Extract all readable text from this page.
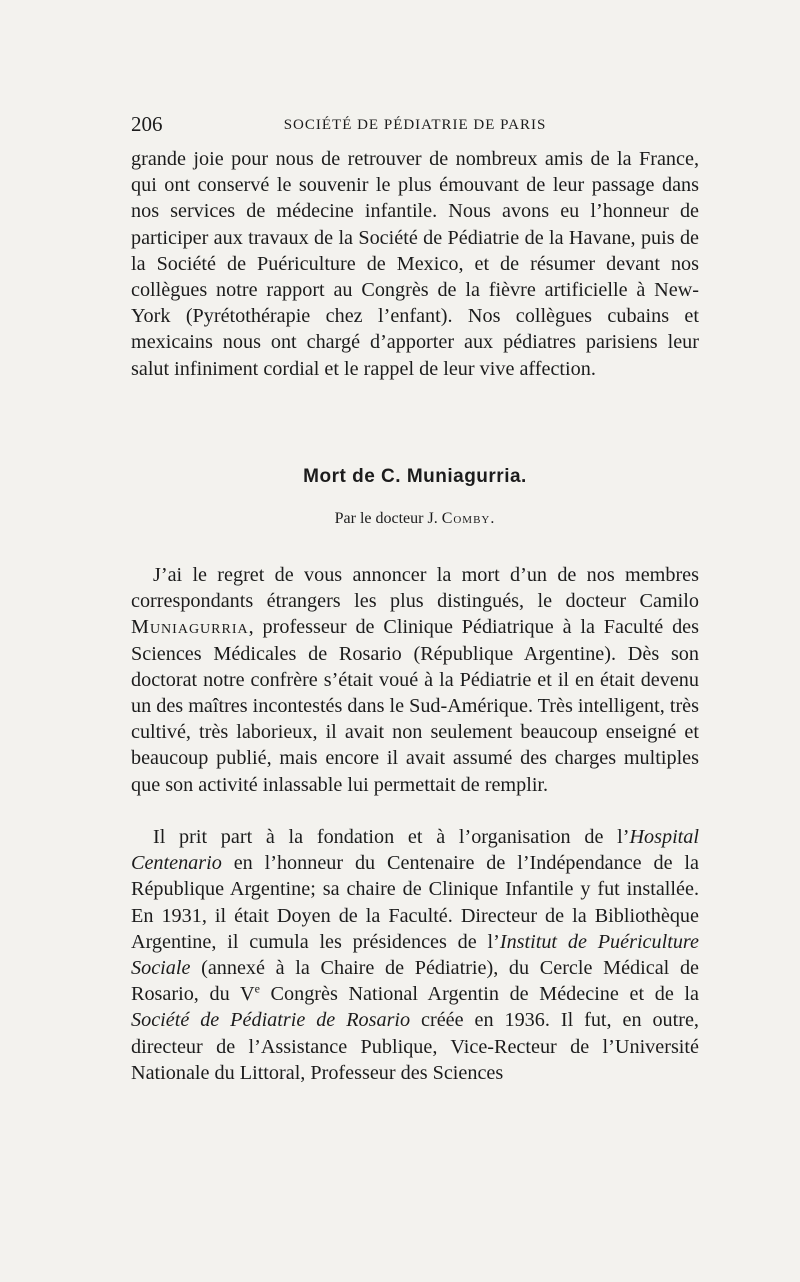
206	SOCIÉTÉ DE PÉDIATRIE DE PARIS

grande joie pour nous de retrouver de nombreux amis de la France, qui ont conservé le souvenir le plus émouvant de leur passage dans nos services de médecine infantile. Nous avons eu l’honneur de participer aux travaux de la Société de Pédiatrie de la Havane, puis de la Société de Puériculture de Mexico, et de résumer devant nos collègues notre rapport au Congrès de la fièvre artificielle à New-York (Pyrétothérapie chez l’enfant). Nos collègues cubains et mexicains nous ont chargé d’apporter aux pédiatres parisiens leur salut infiniment cordial et le rappel de leur vive affection.

Mort de C. Muniagurria.
Par le docteur J. Comby.

J’ai le regret de vous annoncer la mort d’un de nos membres correspondants étrangers les plus distingués, le docteur Camilo Muniagurria, professeur de Clinique Pédiatrique à la Faculté des Sciences Médicales de Rosario (République Argentine). Dès son doctorat notre confrère s’était voué à la Pédiatrie et il en était devenu un des maîtres incontestés dans le Sud-Amérique. Très intelligent, très cultivé, très laborieux, il avait non seulement beaucoup enseigné et beaucoup publié, mais encore il avait assumé des charges multiples que son activité inlassable lui permettait de remplir.

Il prit part à la fondation et à l’organisation de l’Hospital Centenario en l’honneur du Centenaire de l’Indépendance de la République Argentine; sa chaire de Clinique Infantile y fut installée. En 1931, il était Doyen de la Faculté. Directeur de la Bibliothèque Argentine, il cumula les présidences de l’Institut de Puériculture Sociale (annexé à la Chaire de Pédiatrie), du Cercle Médical de Rosario, du Ve Congrès National Argentin de Médecine et de la Société de Pédiatrie de Rosario créée en 1936. Il fut, en outre, directeur de l’Assistance Publique, Vice-Recteur de l’Université Nationale du Littoral, Professeur des Sciences
